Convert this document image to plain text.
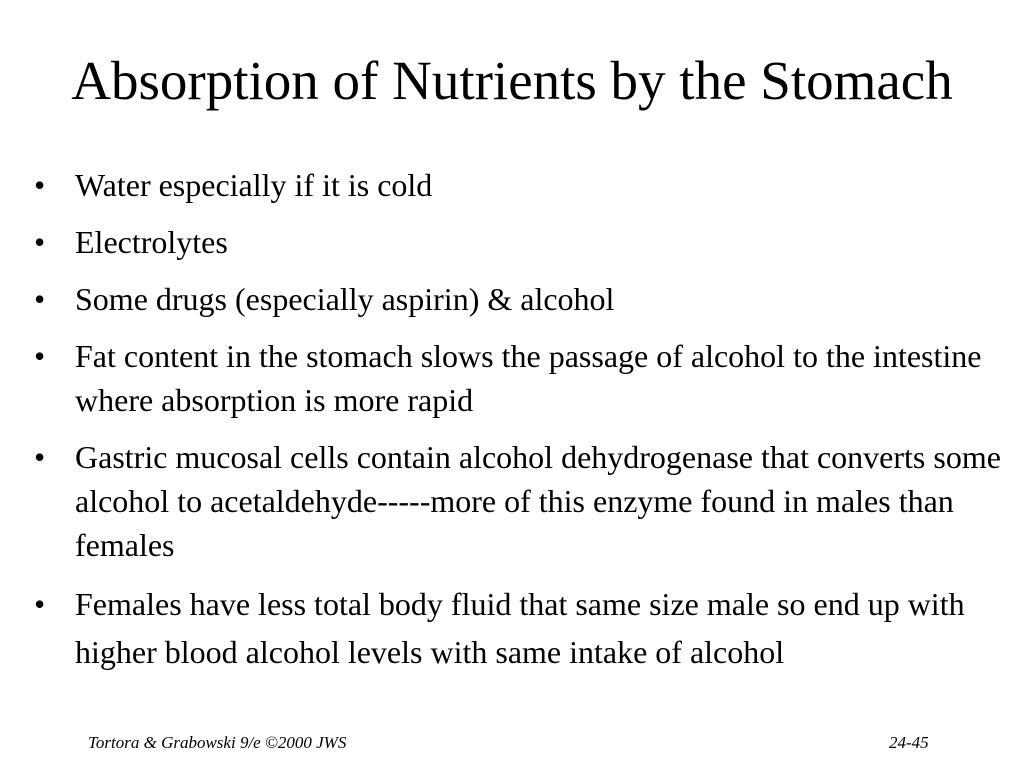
Absorption of Nutrients by the Stomach
• Water especially if it is cold
• Electrolytes
• Some drugs (especially aspirin) & alcohol
• Fat content in the stomach slows the passage of alcohol to the intestine where absorption is more rapid
• Gastric mucosal cells contain alcohol dehydrogenase that converts some alcohol to acetaldehyde-----more of this enzyme found in males than females
• Females have less total body fluid that same size male so end up with higher blood alcohol levels with same intake of alcohol
Tortora & Grabowski 9/e ©2000 JWS	24-45
